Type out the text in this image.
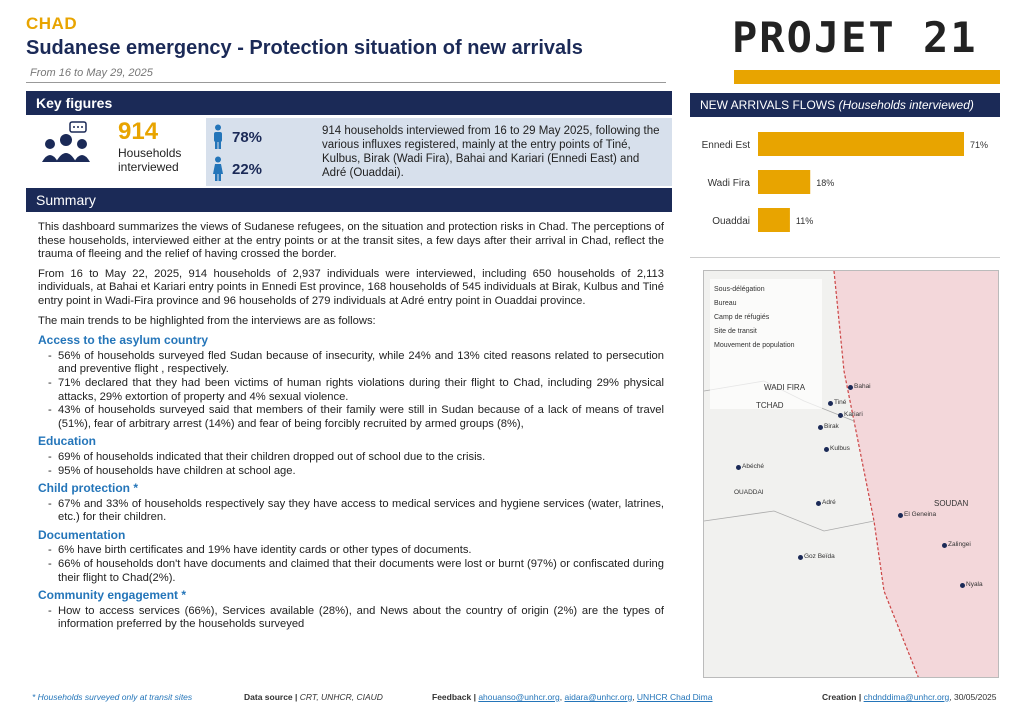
CHAD
Sudanese emergency - Protection situation of new arrivals
From 16 to May 29, 2025
PROJET 21
Key figures
914
Households
interviewed
78%
22%
914 households interviewed from 16 to 29 May 2025, following the various influxes registered, mainly at the entry points of Tiné, Kulbus, Birak (Wadi Fira), Bahai and Kariari (Ennedi East) and Adré (Ouaddai).
Summary

This dashboard summarizes the views of Sudanese refugees, on the situation and protection risks in Chad. The perceptions of these households, interviewed either at the entry points or at the transit sites, a few days after their arrival in Chad, reflect the trauma of fleeing and the relief of having crossed the border.

From 16 to May 22, 2025, 914 households of 2,937 individuals were interviewed, including 650 households of 2,113 individuals, at Bahai et Kariari entry points in Ennedi Est province, 168 households of 545 individuals at Birak, Kulbus and Tiné entry point in Wadi-Fira province and 96 households of 279 individuals at Adré entry point in Ouaddai province.

The main trends to be highlighted from the interviews are as follows:

Access to the asylum country
- 56% of households surveyed fled Sudan because of insecurity, while 24% and 13% cited reasons related to persecution and preventive flight , respectively.
- 71% declared that they had been victims of human rights violations during their flight to Chad, including 29% physical attacks, 29% extortion of property and 4% sexual violence.
- 43% of households surveyed said that members of their family were still in Sudan because of a lack of means of travel (51%), fear of arbitrary arrest (14%) and fear of being forcibly recruited by armed groups (8%),
Education
- 69% of households indicated that their children dropped out of school due to the crisis.
- 95% of households have children at school age.
Child protection *
- 67% and 33% of households respectively say they have access to medical services and hygiene services (water, latrines, etc.) for their children.
Documentation
- 6% have birth certificates and 19% have identity cards or other types of documents.
- 66% of households don't have documents and claimed that their documents were lost or burnt (97%) or confiscated during their flight to Chad(2%).
Community engagement *
- How to access services (66%), Services available (28%), and News about the country of origin (2%) are the types of information preferred by the households surveyed
NEW ARRIVALS FLOWS (Households interviewed)
Ennedi Est	71%
Wadi Fira	18%
Ouaddai	11%
Sous-délégation
Bureau
Camp de réfugiés
Site de transit
Mouvement de population
TCHAD
SOUDAN
WADI FIRA
OUADDAI
Abéché
Adré
Bahai
Birak
Tiné
Kariari
Kulbus
Goz Beïda
El Geneina
Zalingei
Nyala
* Households surveyed only at transit sites	Data source | CRT, UNHCR, CIAUD	Feedback | ahouanso@unhcr.org, aidara@unhcr.org, UNHCR Chad Dima	Creation | chdnddima@unhcr.org, 30/05/2025
